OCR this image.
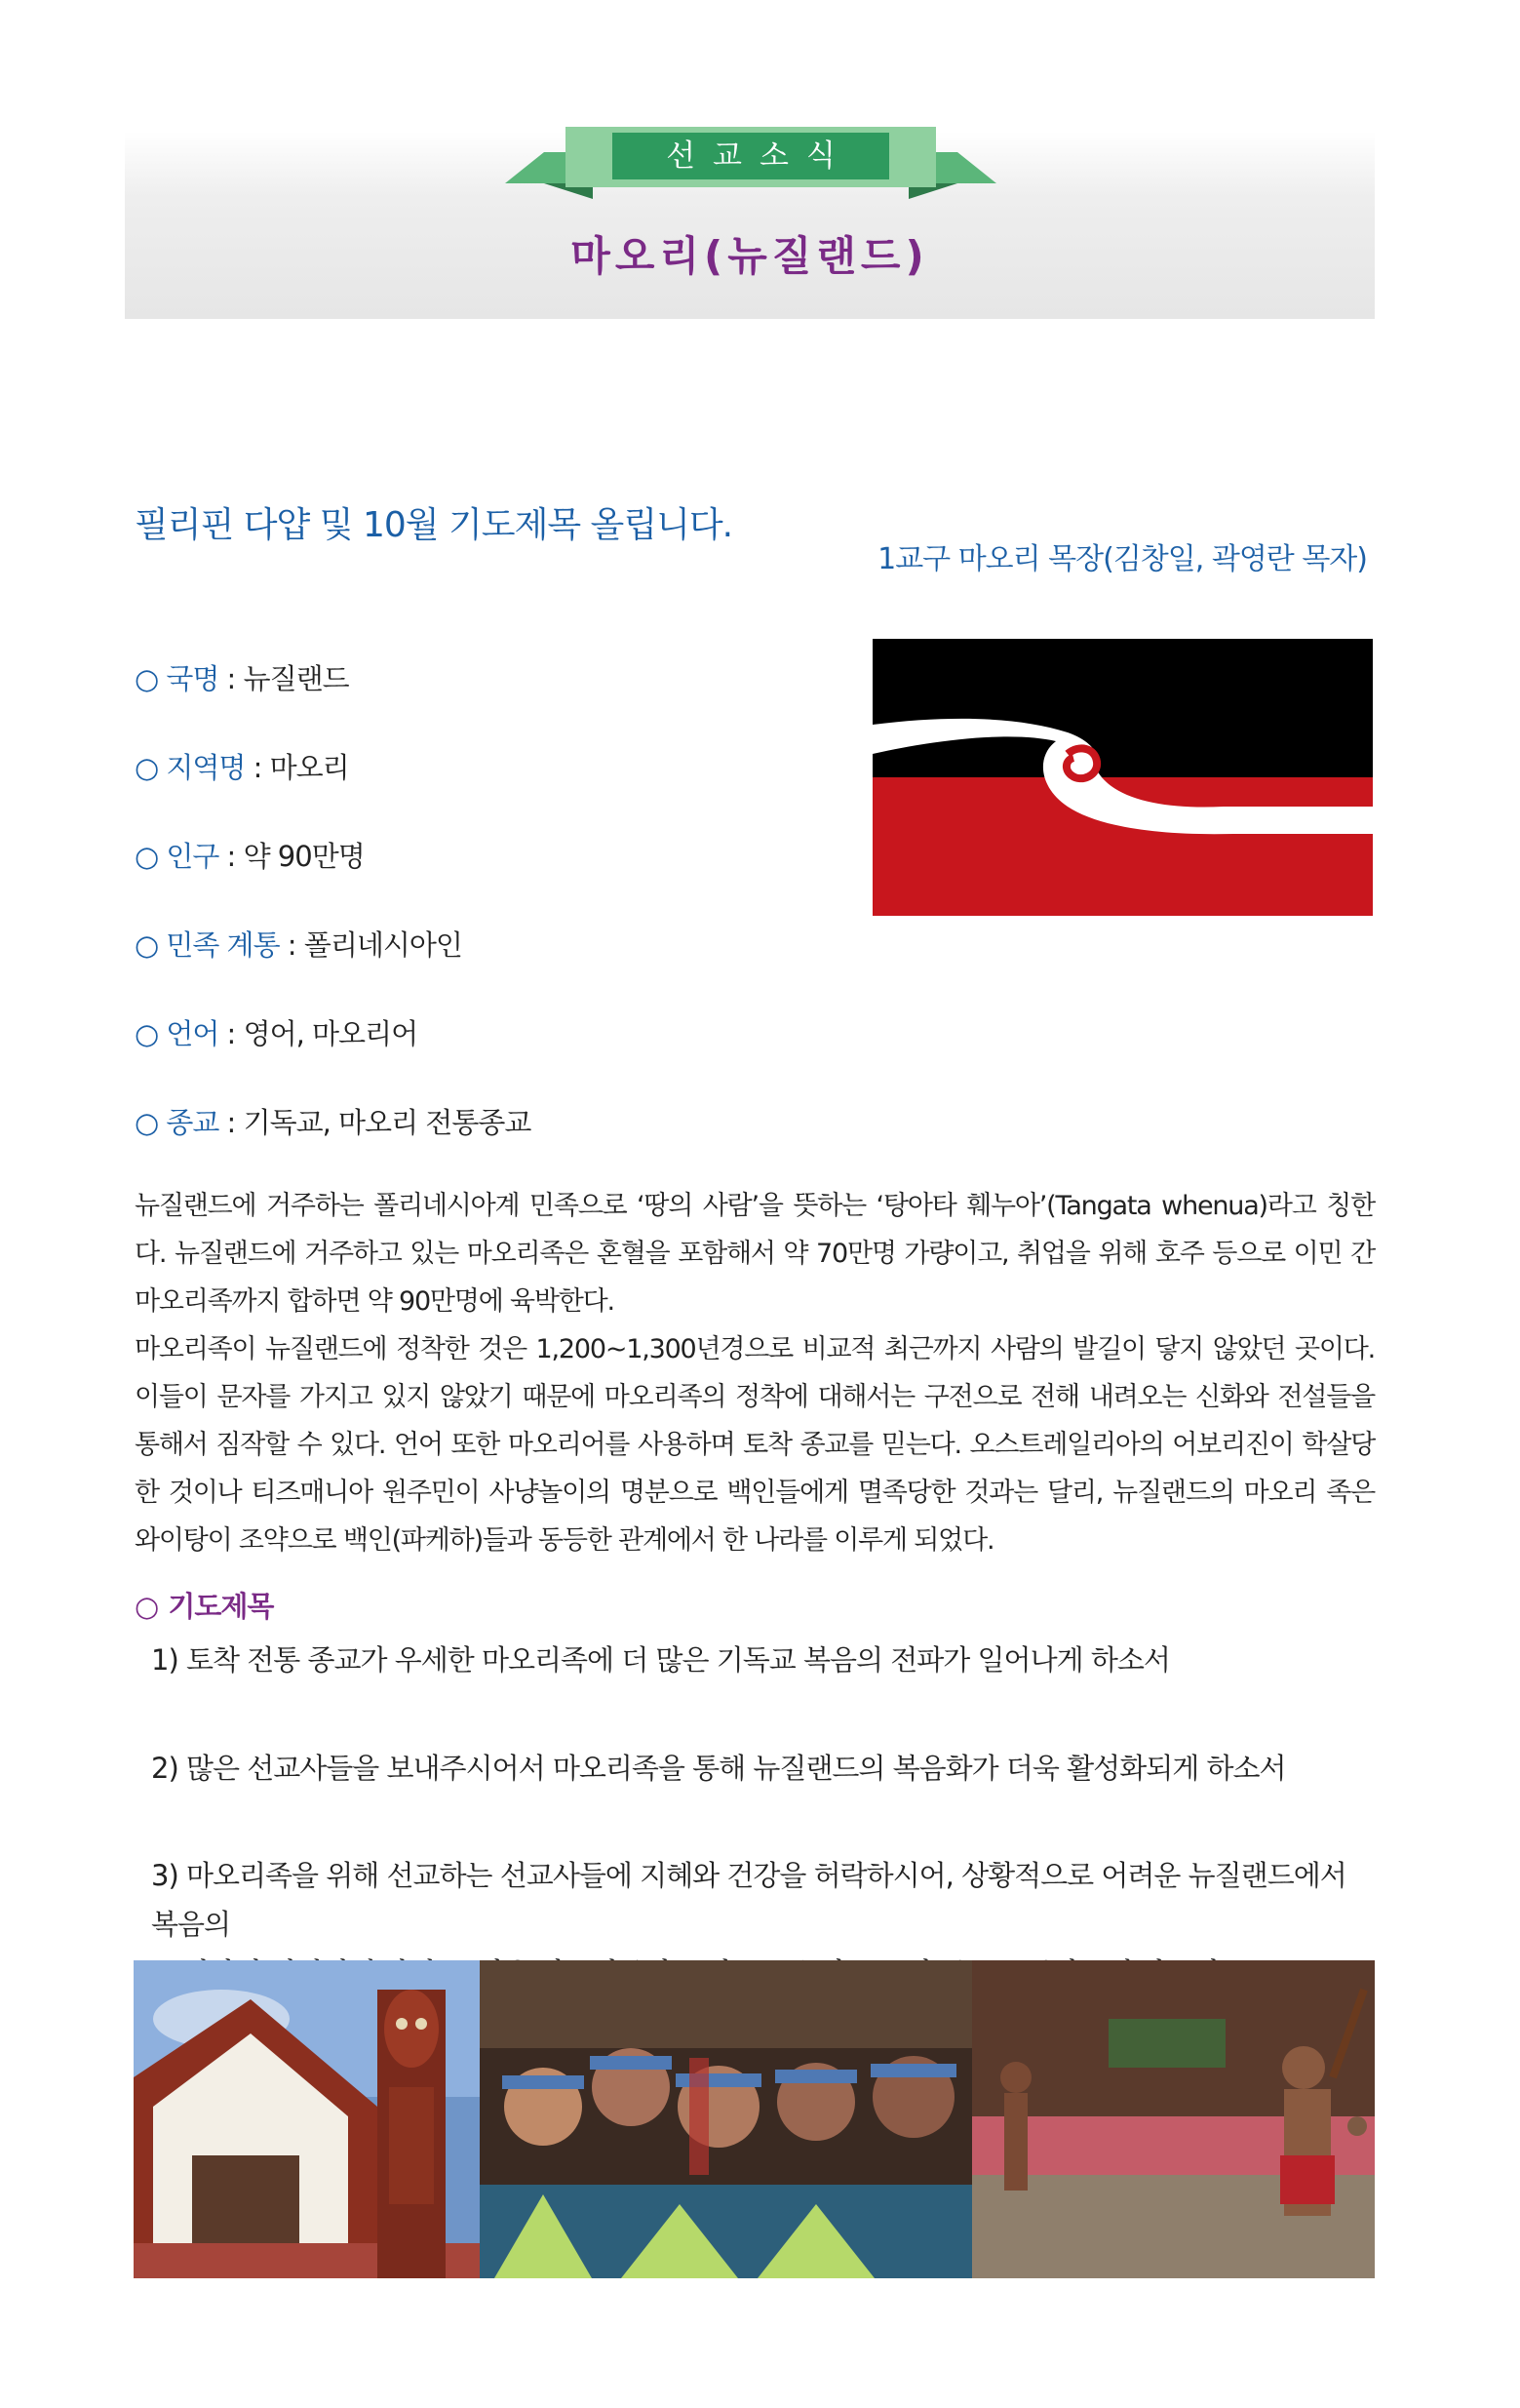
선교소식
마오리(뉴질랜드)
필리핀 다얍 및 10월 기도제목 올립니다.
1교구 마오리 목장(김창일, 곽영란 목자)
○ 국명 : 뉴질랜드
○ 지역명 : 마오리
○ 인구 : 약 90만명
○ 민족 계통 : 폴리네시아인
○ 언어 : 영어, 마오리어
○ 종교 : 기독교, 마오리 전통종교
뉴질랜드에 거주하는 폴리네시아계 민족으로 ‘땅의 사람’을 뜻하는 ‘탕아타 훼누아’(Tangata whenua)라고 칭한다. 뉴질랜드에 거주하고 있는 마오리족은 혼혈을 포함해서 약 70만명 가량이고, 취업을 위해 호주 등으로 이민 간 마오리족까지 합하면 약 90만명에 육박한다.
마오리족이 뉴질랜드에 정착한 것은 1,200~1,300년경으로 비교적 최근까지 사람의 발길이 닿지 않았던 곳이다. 이들이 문자를 가지고 있지 않았기 때문에 마오리족의 정착에 대해서는 구전으로 전해 내려오는 신화와 전설들을 통해서 짐작할 수 있다. 언어 또한 마오리어를 사용하며 토착 종교를 믿는다. 오스트레일리아의 어보리진이 학살당한 것이나 티즈매니아 원주민이 사냥놀이의 명분으로 백인들에게 멸족당한 것과는 달리, 뉴질랜드의 마오리 족은 와이탕이 조약으로 백인(파케하)들과 동등한 관계에서 한 나라를 이루게 되었다.
○ 기도제목
1) 토착 전통 종교가 우세한 마오리족에 더 많은 기독교 복음의 전파가 일어나게 하소서
2) 많은 선교사들을 보내주시어서 마오리족을 통해 뉴질랜드의 복음화가 더욱 활성화되게 하소서
3) 마오리족을 위해 선교하는 선교사들에 지혜와 건강을 허락하시어, 상황적으로 어려운 뉴질랜드에서 복음의
